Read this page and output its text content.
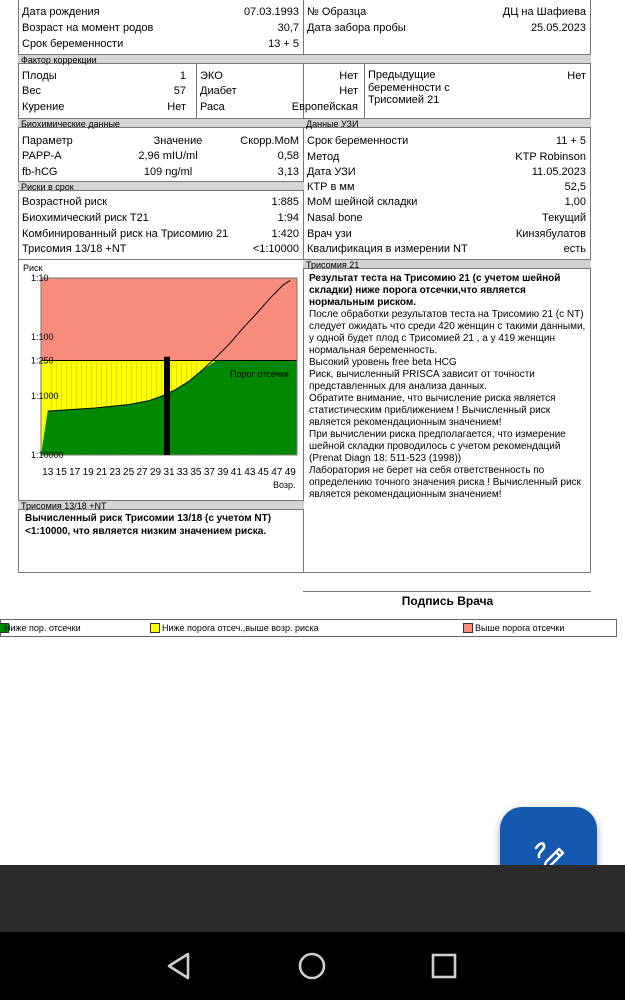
Дата рождения	07.03.1993
Возраст на момент родов	30,7
Срок беременности	13 + 5
№ Образца	ДЦ на Шафиева
Дата забора пробы	25.05.2023
Фактор коррекции
Плоды	1
Вес	57
Курение	Нет
ЭКО	Нет
Диабет	Нет
Раса	Европейская
Предыдущие беременности с Трисомией 21
Нет
Биохимические данные
Параметр	Значение	Скорр.MoM
PAPP-A	2,96 mIU/ml	0,58
fb-hCG	109 ng/ml	3,13
Данные УЗИ
Срок беременности	11 + 5
Метод	KTP Robinson
Дата УЗИ	11.05.2023
КТР в мм	52,5
МоМ шейной складки	1,00
Nasal bone	Текущий
Врач узи	Кинзябулатов
Квалификация в измерении NT	есть
Риски в срок
Возрастной риск	1:885
Биохимический риск Т21	1:94
Комбинированный риск на Трисомию 21	1:420
Трисомия 13/18 +NT	<1:10000
Риск
1:10
1:100
1:250
1:1000
1:10000
13 15 17 19 21 23 25 27 29 31 33 35 37 39 41 43 45 47 49
Порог отсечки
Возр.
Трисомия 13/18 +NT
Вычисленный риск Трисомии 13/18 (с учетом NT) <1:10000, что является низким значением риска.
Трисомия 21
Результат теста на Трисомию 21 (с учетом шейной складки) ниже порога отсечки,что является нормальным риском.
После обработки результатов теста на Трисомию 21 (с NT) следует ожидать что среди 420 женщин с такими данными, у одной будет плод с Трисомией 21 , а у 419 женщин нормальная беременность.
Высокий уровень free beta HCG
Риск, вычисленный PRISCA зависит от точности представленных для анализа данных.
Обратите внимание, что вычисление риска является статистическим приближением ! Вычисленный риск является рекомендационным значением!
При вычислении риска предполагается, что измерение шейной складки проводилось с учетом рекомендаций (Prenat Diagn 18: 511-523 (1998))
Лаборатория не берет на себя ответственность по определению точного значения риска ! Вычисленный риск является рекомендационным значением!
Подпись Врача
Ниже пор. отсечки	Ниже порога отсеч.,выше возр. риска	Выше порога отсечки
